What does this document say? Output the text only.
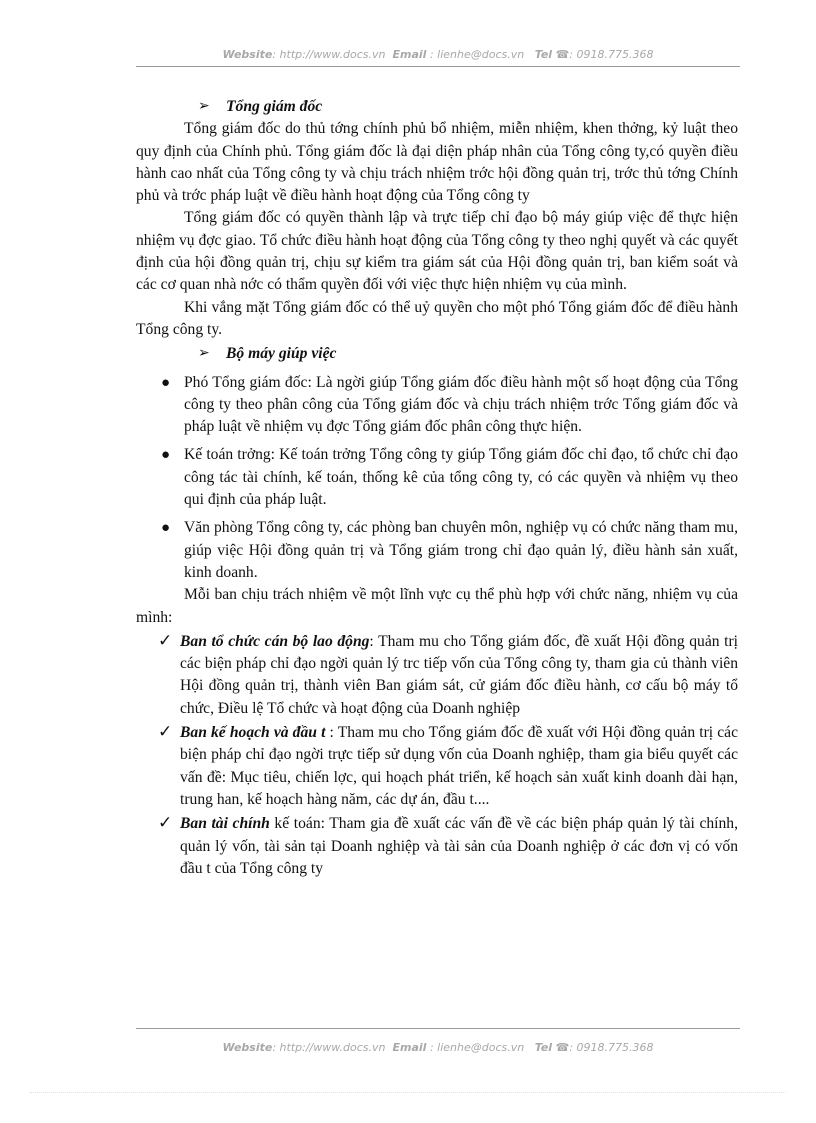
Website: http://www.docs.vn Email : lienhe@docs.vn Tel ☎: 0918.775.368
➢ Tổng giám đốc

Tổng giám đốc do thủ tớng chính phủ bổ nhiệm, miễn nhiệm, khen thởng, kỷ luật theo quy định của Chính phủ. Tổng giám đốc là đại diện pháp nhân của Tổng công ty,có quyền điều hành cao nhất của Tổng công ty và chịu trách nhiệm trớc hội đồng quản trị, trớc thủ tớng Chính phủ và trớc pháp luật về điều hành hoạt động của Tổng công ty

Tổng giám đốc có quyền thành lập và trực tiếp chỉ đạo bộ máy giúp việc để thực hiện nhiệm vụ đợc giao. Tổ chức điều hành hoạt động của Tổng công ty theo nghị quyết và các quyết định của hội đồng quản trị, chịu sự kiểm tra giám sát của Hội đồng quản trị, ban kiểm soát và các cơ quan nhà nớc có thẩm quyền đối với việc thực hiện nhiệm vụ của mình.

Khi vắng mặt Tổng giám đốc có thể uỷ quyền cho một phó Tổng giám đốc để điều hành Tổng công ty.

➢ Bộ máy giúp việc
● Phó Tổng giám đốc: Là ngời giúp Tổng giám đốc điều hành một số hoạt động của Tổng công ty theo phân công của Tổng giám đốc và chịu trách nhiệm trớc Tổng giám đốc và pháp luật về nhiệm vụ đợc Tổng giám đốc phân công thực hiện.
● Kế toán trởng: Kế toán trởng Tổng công ty giúp Tổng giám đốc chỉ đạo, tổ chức chỉ đạo công tác tài chính, kế toán, thống kê của tổng công ty, có các quyền và nhiệm vụ theo qui định của pháp luật.
● Văn phòng Tổng công ty, các phòng ban chuyên môn, nghiệp vụ có chức năng tham mu, giúp việc Hội đồng quản trị và Tổng giám trong chỉ đạo quản lý, điều hành sản xuất, kinh doanh.

Mỗi ban chịu trách nhiệm về một lĩnh vực cụ thể phù hợp với chức năng, nhiệm vụ của mình:

✓ Ban tổ chức cán bộ lao động: Tham mu cho Tổng giám đốc, đề xuất Hội đồng quản trị các biện pháp chỉ đạo ngời quản lý trc tiếp vốn của Tổng công ty, tham gia củ thành viên Hội đồng quản trị, thành viên Ban giám sát, cử giám đốc điều hành, cơ cấu bộ máy tổ chức, Điều lệ Tổ chức và hoạt động của Doanh nghiệp
✓ Ban kế hoạch và đầu t : Tham mu cho Tổng giám đốc đề xuất với Hội đồng quản trị các biện pháp chỉ đạo ngời trực tiếp sử dụng vốn của Doanh nghiệp, tham gia biểu quyết các vấn đề: Mục tiêu, chiến lợc, qui hoạch phát triển, kế hoạch sản xuất kinh doanh dài hạn, trung han, kế hoạch hàng năm, các dự án, đầu t....
✓ Ban tài chính kế toán: Tham gia đề xuất các vấn đề về các biện pháp quản lý tài chính, quản lý vốn, tài sản tại Doanh nghiệp và tài sản của Doanh nghiệp ở các đơn vị có vốn đầu t của Tổng công ty
Website: http://www.docs.vn Email : lienhe@docs.vn Tel ☎: 0918.775.368
